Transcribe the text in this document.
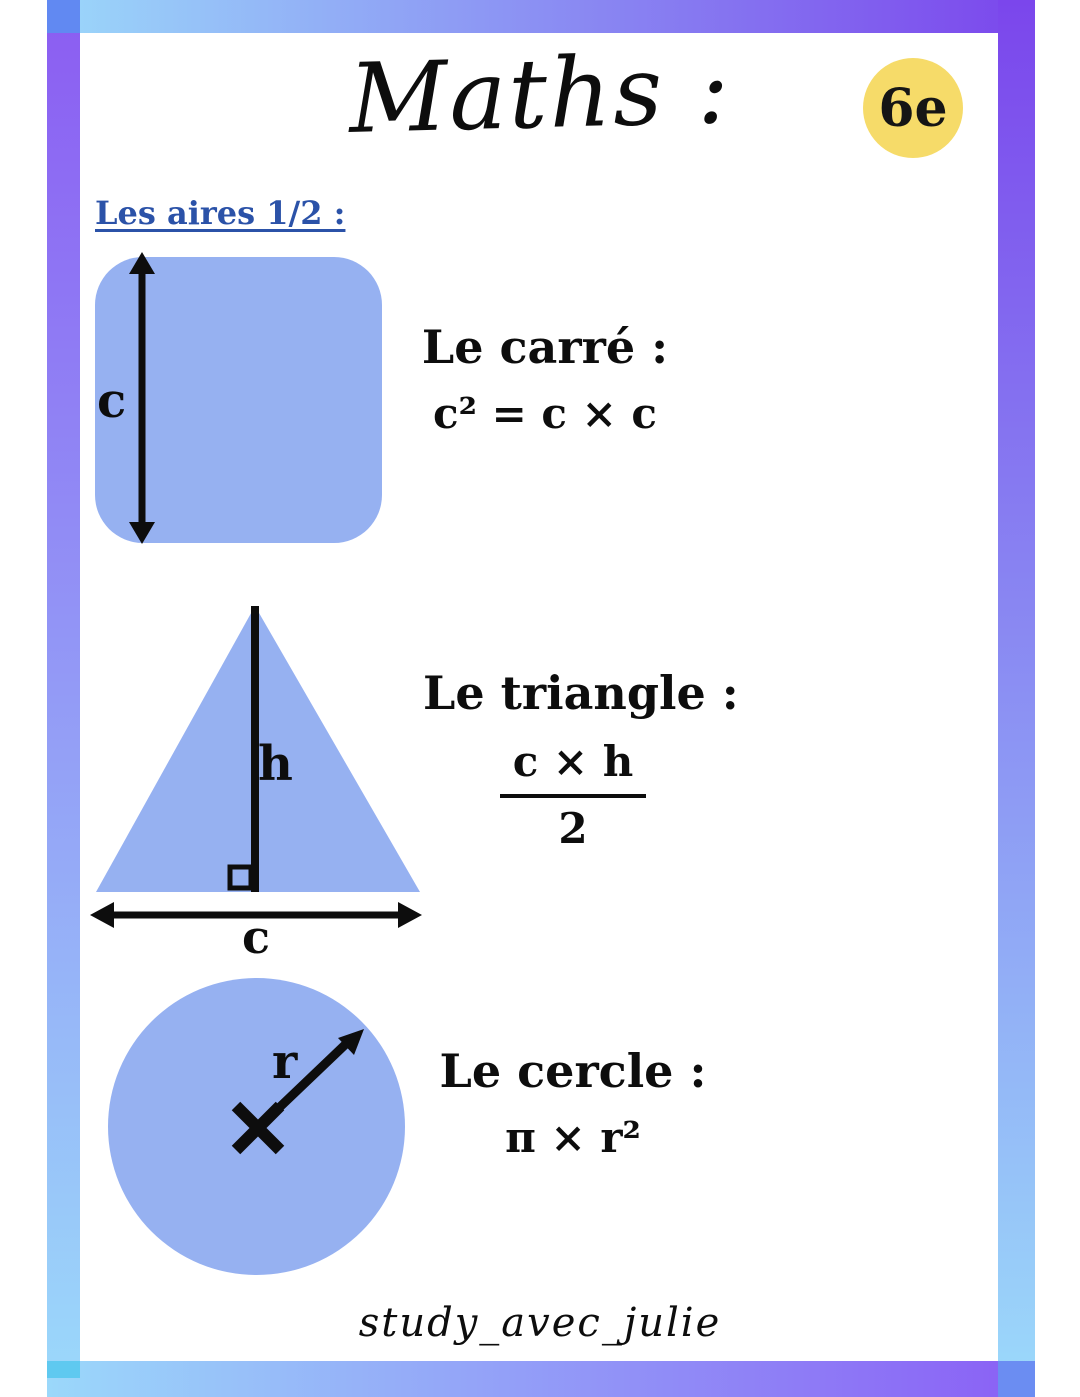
Maths :	6e
Les aires 1/2 :
c
Le carré :
c² = c × c
h
c
Le triangle :
$\frac{c \times h}{2}$
r	Le cercle :
π × r²
study_avec_julie
